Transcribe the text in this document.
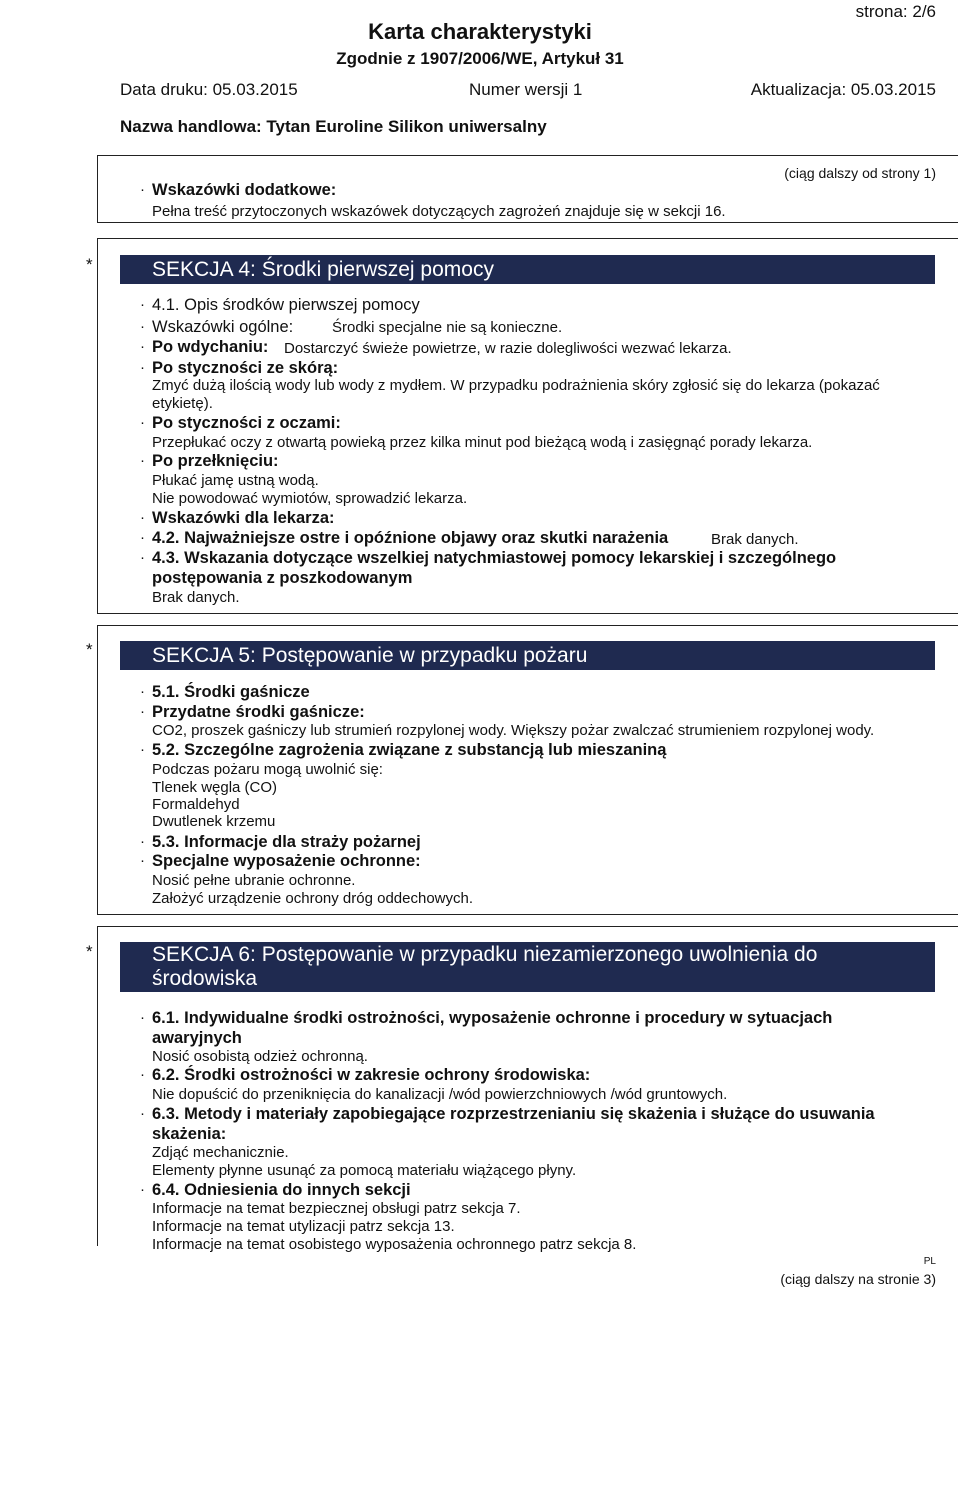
strona: 2/6
Karta charakterystyki
Zgodnie z 1907/2006/WE, Artykuł 31
Data druku: 05.03.2015	Numer wersji 1	Aktualizacja: 05.03.2015
Nazwa handlowa: Tytan Euroline Silikon uniwersalny
(ciąg dalszy od strony 1)
· Wskazówki dodatkowe:
Pełna treść przytoczonych wskazówek dotyczących zagrożeń znajduje się w sekcji 16.
*	SEKCJA 4: Środki pierwszej pomocy
· 4.1. Opis środków pierwszej pomocy
· Wskazówki ogólne:	Środki specjalne nie są konieczne.
· Po wdychaniu: Dostarczyć świeże powietrze, w razie dolegliwości wezwać lekarza.
· Po styczności ze skórą:
Zmyć dużą ilością wody lub wody z mydłem. W przypadku podrażnienia skóry zgłosić się do lekarza (pokazać
etykietę).
· Po styczności z oczami:
Przepłukać oczy z otwartą powieką przez kilka minut pod bieżącą wodą i zasięgnąć porady lekarza.
· Po przełknięciu:
Płukać jamę ustną wodą.
Nie powodować wymiotów, sprowadzić lekarza.
· Wskazówki dla lekarza:
· 4.2. Najważniejsze ostre i opóźnione objawy oraz skutki narażenia	Brak danych.
· 4.3. Wskazania dotyczące wszelkiej natychmiastowej pomocy lekarskiej i szczególnego
postępowania z poszkodowanym
Brak danych.
*	SEKCJA 5: Postępowanie w przypadku pożaru
· 5.1. Środki gaśnicze
· Przydatne środki gaśnicze:
CO2, proszek gaśniczy lub strumień rozpylonej wody. Większy pożar zwalczać strumieniem rozpylonej wody.
· 5.2. Szczególne zagrożenia związane z substancją lub mieszaniną
Podczas pożaru mogą uwolnić się:
Tlenek węgla (CO)
Formaldehyd
Dwutlenek krzemu
· 5.3. Informacje dla straży pożarnej
· Specjalne wyposażenie ochronne:
Nosić pełne ubranie ochronne.
Założyć urządzenie ochrony dróg oddechowych.
*	SEKCJA 6: Postępowanie w przypadku niezamierzonego uwolnienia do
środowiska
· 6.1. Indywidualne środki ostrożności, wyposażenie ochronne i procedury w sytuacjach
awaryjnych
Nosić osobistą odzież ochronną.
· 6.2. Środki ostrożności w zakresie ochrony środowiska:
Nie dopuścić do przeniknięcia do kanalizacji /wód powierzchniowych /wód gruntowych.
· 6.3. Metody i materiały zapobiegające rozprzestrzenianiu się skażenia i służące do usuwania
skażenia:
Zdjąć mechanicznie.
Elementy płynne usunąć za pomocą materiału wiążącego płyny.
· 6.4. Odniesienia do innych sekcji
Informacje na temat bezpiecznej obsługi patrz sekcja 7.
Informacje na temat utylizacji patrz sekcja 13.
Informacje na temat osobistego wyposażenia ochronnego patrz sekcja 8.
PL
(ciąg dalszy na stronie 3)
